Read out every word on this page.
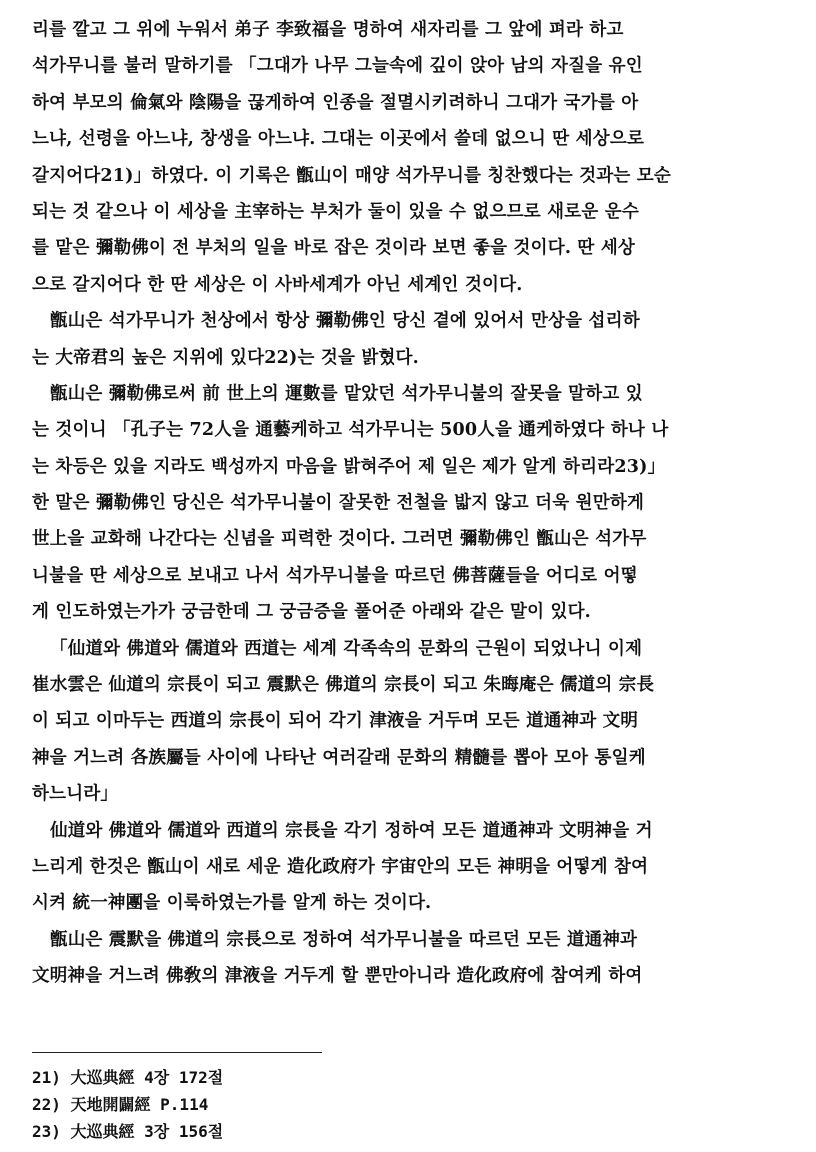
리를 깔고 그 위에 누워서 弟子 李致福을 명하여 새자리를 그 앞에 펴라 하고
석가무니를 불러 말하기를 「그대가 나무 그늘속에 깊이 앉아 남의 자질을 유인
하여 부모의 倫氣와 陰陽을 끊게하여 인종을 절멸시키려하니 그대가 국가를 아
느냐, 선령을 아느냐, 창생을 아느냐. 그대는 이곳에서 쓸데 없으니 딴 세상으로
갈지어다21)」하였다. 이 기록은 甑山이 매양 석가무니를 칭찬했다는 것과는 모순
되는 것 같으나 이 세상을 主宰하는 부처가 둘이 있을 수 없으므로 새로운 운수
를 맡은 彌勒佛이 전 부처의 일을 바로 잡은 것이라 보면 좋을 것이다. 딴 세상
으로 갈지어다 한 딴 세상은 이 사바세계가 아닌 세계인 것이다.
甑山은 석가무니가 천상에서 항상 彌勒佛인 당신 곁에 있어서 만상을 섭리하
는 大帝君의 높은 지위에 있다22)는 것을 밝혔다.
甑山은 彌勒佛로써 前 世上의 運數를 맡았던 석가무니불의 잘못을 말하고 있
는 것이니 「孔子는 72人을 通藝케하고 석가무니는 500人을 通케하였다 하나 나
는 차등은 있을 지라도 백성까지 마음을 밝혀주어 제 일은 제가 알게 하리라23)」
한 말은 彌勒佛인 당신은 석가무니불이 잘못한 전철을 밟지 않고 더욱 원만하게
世上을 교화해 나간다는 신념을 피력한 것이다. 그러면 彌勒佛인 甑山은 석가무
니불을 딴 세상으로 보내고 나서 석가무니불을 따르던 佛菩薩들을 어디로 어떻
게 인도하였는가가 궁금한데 그 궁금증을 풀어준 아래와 같은 말이 있다.
「仙道와 佛道와 儒道와 西道는 세계 각족속의 문화의 근원이 되었나니 이제
崔水雲은 仙道의 宗長이 되고 震默은 佛道의 宗長이 되고 朱晦庵은 儒道의 宗長
이 되고 이마두는 西道의 宗長이 되어 각기 津液을 거두며 모든 道通神과 文明
神을 거느려 各族屬들 사이에 나타난 여러갈래 문화의 精髓를 뽑아 모아 통일케
하느니라」
仙道와 佛道와 儒道와 西道의 宗長을 각기 정하여 모든 道通神과 文明神을 거
느리게 한것은 甑山이 새로 세운 造化政府가 宇宙안의 모든 神明을 어떻게 참여
시켜 統一神團을 이룩하였는가를 알게 하는 것이다.
甑山은 震默을 佛道의 宗長으로 정하여 석가무니불을 따르던 모든 道通神과
文明神을 거느려 佛敎의 津液을 거두게 할 뿐만아니라 造化政府에 참여케 하여
21) 大巡典經 4장 172절
22) 天地開闢經 P.114
23) 大巡典經 3장 156절
